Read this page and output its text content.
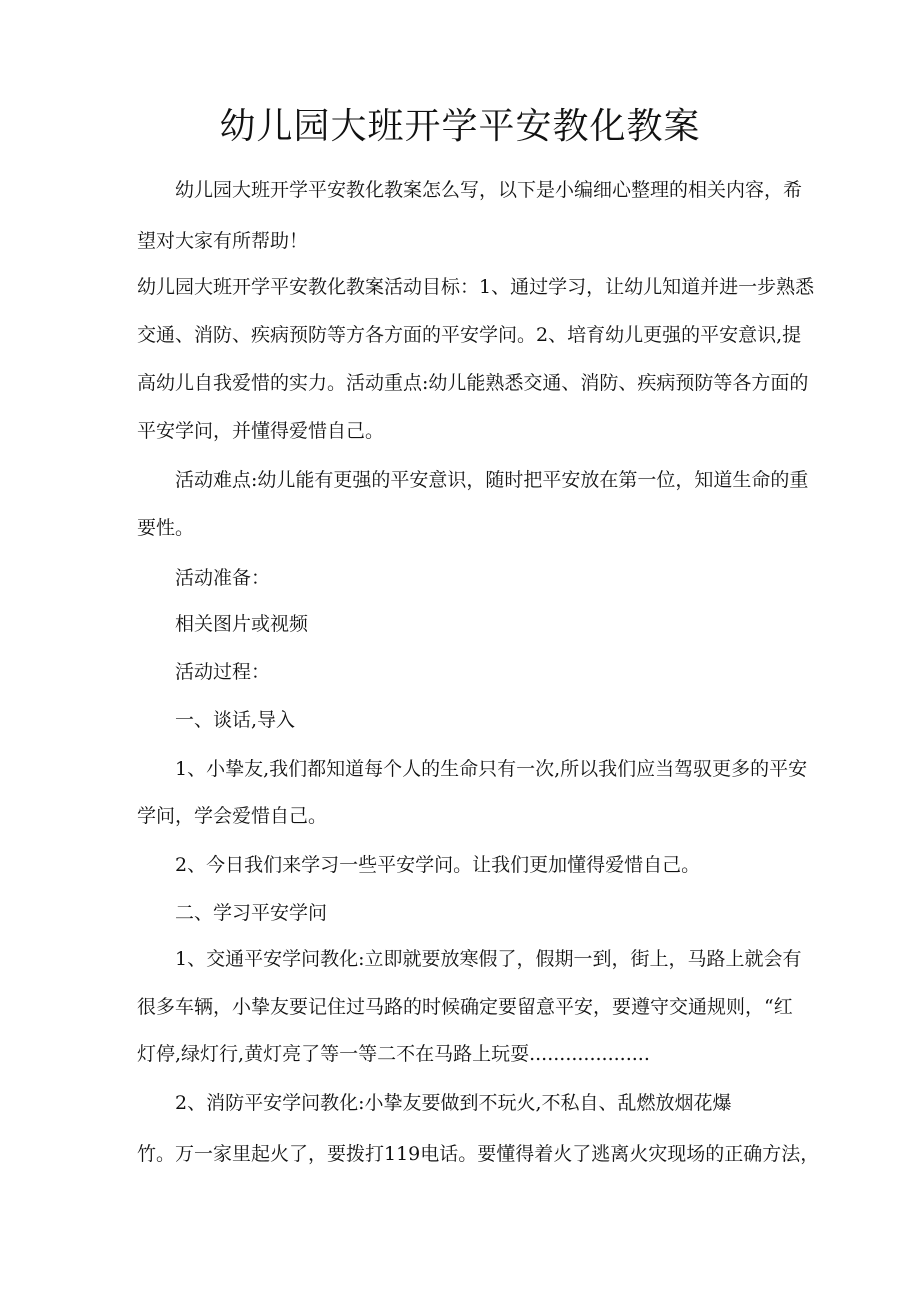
幼儿园大班开学平安教化教案

幼儿园大班开学平安教化教案怎么写，以下是小编细心整理的相关内容，希

望对大家有所帮助！

幼儿园大班开学平安教化教案活动目标：1、通过学习，让幼儿知道并进一步熟悉

交通、消防、疾病预防等方各方面的平安学问。2、培育幼儿更强的平安意识,提

高幼儿自我爱惜的实力。活动重点:幼儿能熟悉交通、消防、疾病预防等各方面的

平安学问，并懂得爱惜自己。

活动难点:幼儿能有更强的平安意识，随时把平安放在第一位，知道生命的重

要性。

活动准备：

相关图片或视频

活动过程：

一、谈话,导入

1、小挚友,我们都知道每个人的生命只有一次,所以我们应当驾驭更多的平安

学问，学会爱惜自己。

2、今日我们来学习一些平安学问。让我们更加懂得爱惜自己。

二、学习平安学问

1、交通平安学问教化:立即就要放寒假了，假期一到，街上，马路上就会有

很多车辆，小挚友要记住过马路的时候确定要留意平安，要遵守交通规则，“红

灯停,绿灯行,黄灯亮了等一等二不在马路上玩耍....................

2、消防平安学问教化:小挚友要做到不玩火,不私自、乱燃放烟花爆

竹。万一家里起火了，要拨打119电话。要懂得着火了逃离火灾现场的正确方法，
